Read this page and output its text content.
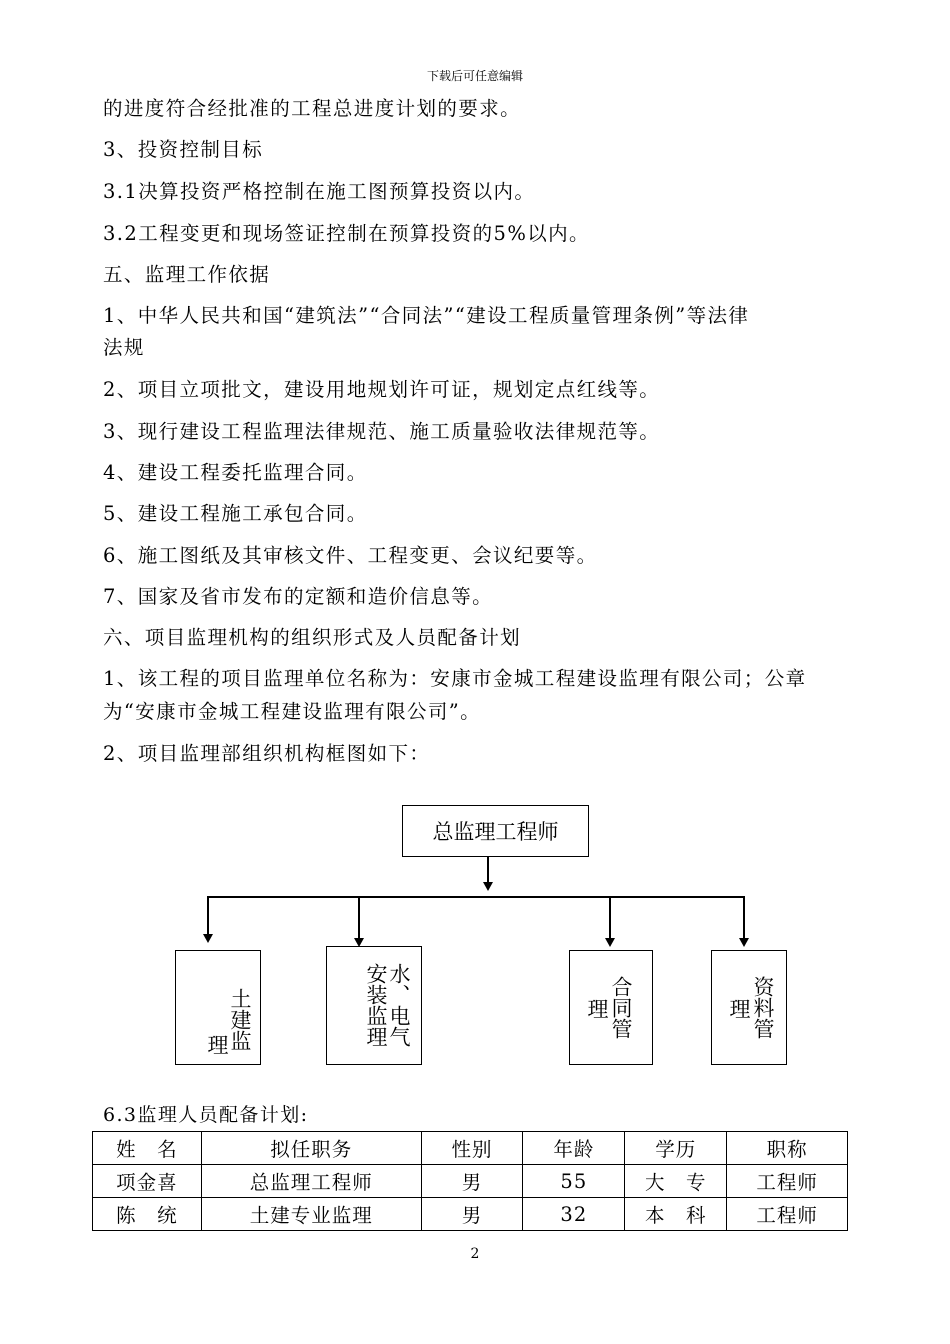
下载后可任意编辑
的进度符合经批准的工程总进度计划的要求。
3、投资控制目标
3.1决算投资严格控制在施工图预算投资以内。
3.2工程变更和现场签证控制在预算投资的5%以内。
五、监理工作依据
1、中华人民共和国“建筑法”“合同法”“建设工程质量管理条例”等法律
法规
2、项目立项批文，建设用地规划许可证，规划定点红线等。
3、现行建设工程监理法律规范、施工质量验收法律规范等。
4、建设工程委托监理合同。
5、建设工程施工承包合同。
6、施工图纸及其审核文件、工程变更、会议纪要等。
7、国家及省市发布的定额和造价信息等。
六、项目监理机构的组织形式及人员配备计划
1、该工程的项目监理单位名称为：安康市金城工程建设监理有限公司；公章
为“安康市金城工程建设监理有限公司”。
2、项目监理部组织机构框图如下：
总监理工程师
理 土建监	安装监理 水、电气	理 合同管	理 资料管
6.3监理人员配备计划:
姓　名	拟任职务	性别	年龄	学历	职称
项金喜	总监理工程师	男	55	大　专	工程师
陈　统	土建专业监理	男	32	本　科	工程师
2
